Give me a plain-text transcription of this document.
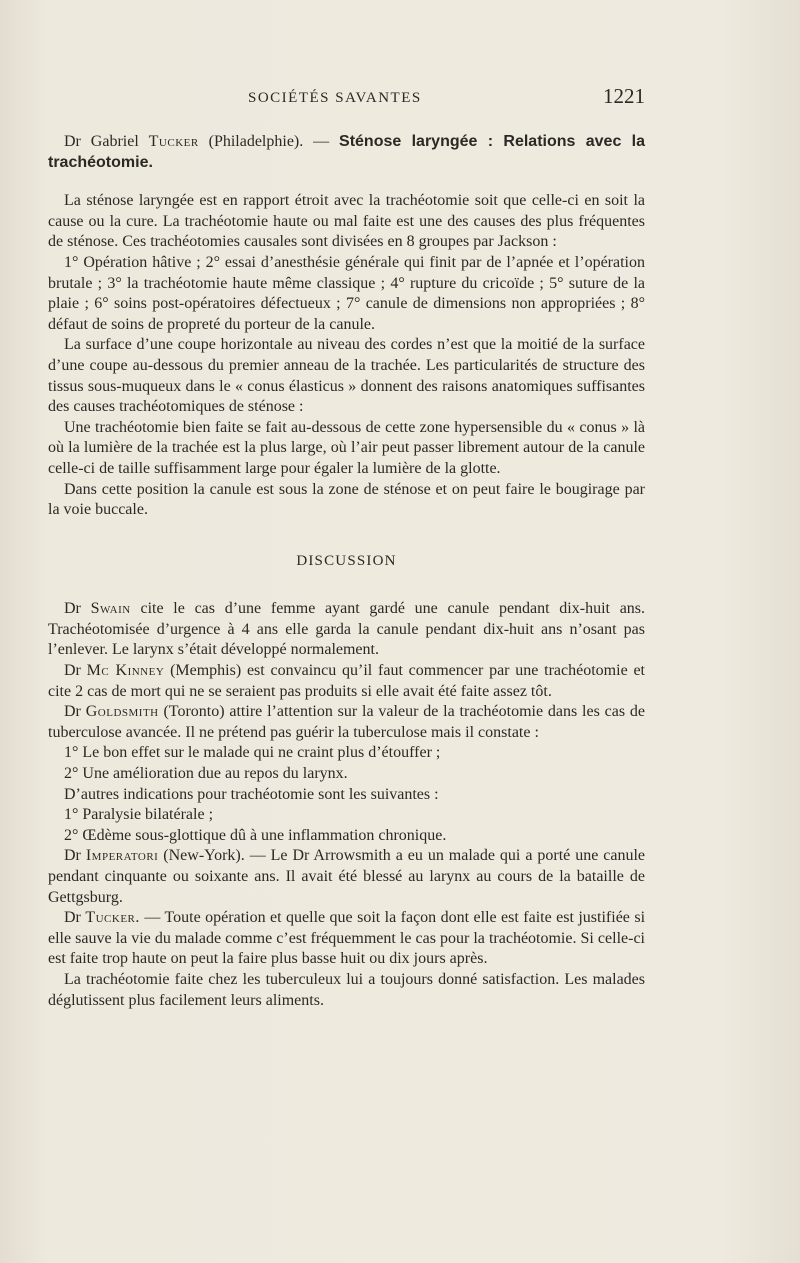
SOCIÉTÉS SAVANTES	1221

Dr Gabriel Tucker (Philadelphie). — Sténose laryngée : Relations avec la trachéotomie.

La sténose laryngée est en rapport étroit avec la trachéotomie soit que celle-ci en soit la cause ou la cure. La trachéotomie haute ou mal faite est une des causes des plus fréquentes de sténose. Ces trachéotomies causales sont divisées en 8 groupes par Jackson :

1° Opération hâtive ; 2° essai d’anesthésie générale qui finit par de l’apnée et l’opération brutale ; 3° la trachéotomie haute même classique ; 4° rupture du cricoïde ; 5° suture de la plaie ; 6° soins post-opératoires défectueux ; 7° canule de dimensions non appropriées ; 8° défaut de soins de propreté du porteur de la canule.

La surface d’une coupe horizontale au niveau des cordes n’est que la moitié de la surface d’une coupe au-dessous du premier anneau de la trachée. Les particularités de structure des tissus sous-muqueux dans le « conus élasticus » donnent des raisons anatomiques suffisantes des causes trachéotomiques de sténose :

Une trachéotomie bien faite se fait au-dessous de cette zone hypersensible du « conus » là où la lumière de la trachée est la plus large, où l’air peut passer librement autour de la canule celle-ci de taille suffisamment large pour égaler la lumière de la glotte.

Dans cette position la canule est sous la zone de sténose et on peut faire le bougirage par la voie buccale.

DISCUSSION

Dr Swain cite le cas d’une femme ayant gardé une canule pendant dix-huit ans. Trachéotomisée d’urgence à 4 ans elle garda la canule pendant dix-huit ans n’osant pas l’enlever. Le larynx s’était développé normalement.

Dr Mc Kinney (Memphis) est convaincu qu’il faut commencer par une trachéotomie et cite 2 cas de mort qui ne se seraient pas produits si elle avait été faite assez tôt.

Dr Goldsmith (Toronto) attire l’attention sur la valeur de la trachéotomie dans les cas de tuberculose avancée. Il ne prétend pas guérir la tuberculose mais il constate :

1° Le bon effet sur le malade qui ne craint plus d’étouffer ;

2° Une amélioration due au repos du larynx.

D’autres indications pour trachéotomie sont les suivantes :

1° Paralysie bilatérale ;

2° Œdème sous-glottique dû à une inflammation chronique.

Dr Imperatori (New-York). — Le Dr Arrowsmith a eu un malade qui a porté une canule pendant cinquante ou soixante ans. Il avait été blessé au larynx au cours de la bataille de Gettgsburg.

Dr Tucker. — Toute opération et quelle que soit la façon dont elle est faite est justifiée si elle sauve la vie du malade comme c’est fréquemment le cas pour la trachéotomie. Si celle-ci est faite trop haute on peut la faire plus basse huit ou dix jours après.

La trachéotomie faite chez les tuberculeux lui a toujours donné satisfaction. Les malades déglutissent plus facilement leurs aliments.
